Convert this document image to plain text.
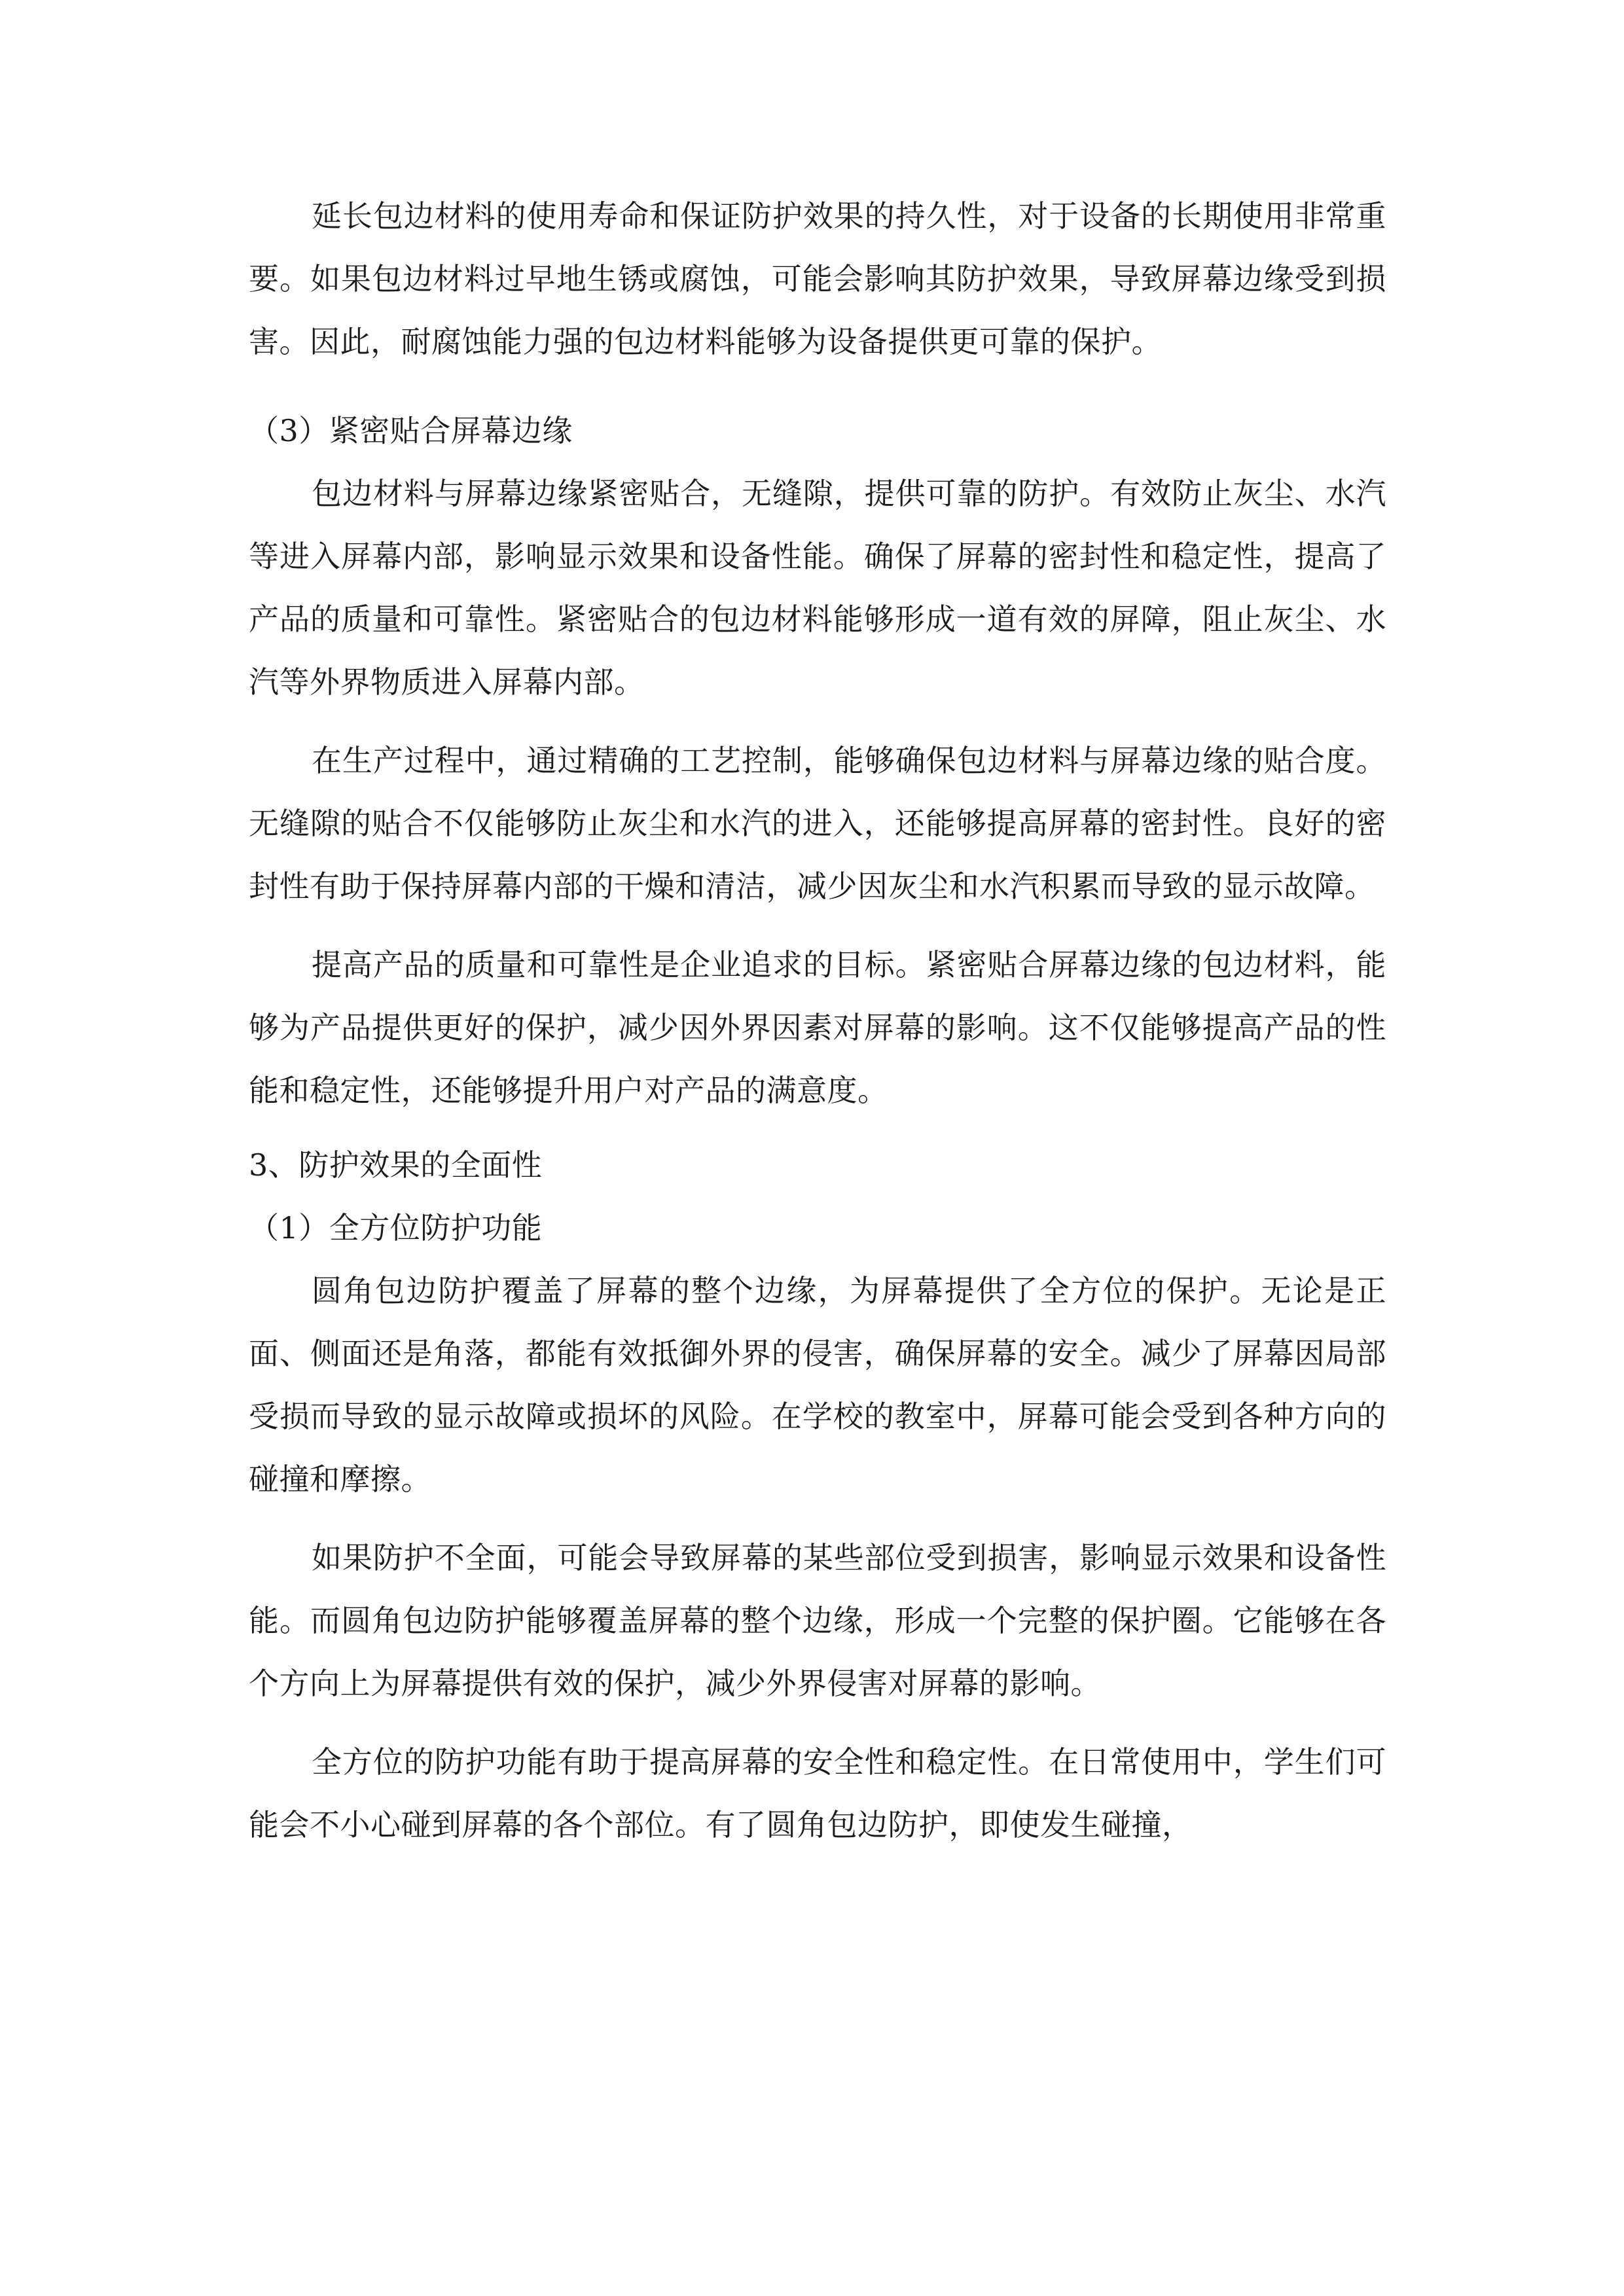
延长包边材料的使用寿命和保证防护效果的持久性，对于设备的长期使用非常重要。如果包边材料过早地生锈或腐蚀，可能会影响其防护效果，导致屏幕边缘受到损害。因此，耐腐蚀能力强的包边材料能够为设备提供更可靠的保护。

（3）紧密贴合屏幕边缘

包边材料与屏幕边缘紧密贴合，无缝隙，提供可靠的防护。有效防止灰尘、水汽等进入屏幕内部，影响显示效果和设备性能。确保了屏幕的密封性和稳定性，提高了产品的质量和可靠性。紧密贴合的包边材料能够形成一道有效的屏障，阻止灰尘、水汽等外界物质进入屏幕内部。

在生产过程中，通过精确的工艺控制，能够确保包边材料与屏幕边缘的贴合度。无缝隙的贴合不仅能够防止灰尘和水汽的进入，还能够提高屏幕的密封性。良好的密封性有助于保持屏幕内部的干燥和清洁，减少因灰尘和水汽积累而导致的显示故障。

提高产品的质量和可靠性是企业追求的目标。紧密贴合屏幕边缘的包边材料，能够为产品提供更好的保护，减少因外界因素对屏幕的影响。这不仅能够提高产品的性能和稳定性，还能够提升用户对产品的满意度。

3、防护效果的全面性

（1）全方位防护功能

圆角包边防护覆盖了屏幕的整个边缘，为屏幕提供了全方位的保护。无论是正面、侧面还是角落，都能有效抵御外界的侵害，确保屏幕的安全。减少了屏幕因局部受损而导致的显示故障或损坏的风险。在学校的教室中，屏幕可能会受到各种方向的碰撞和摩擦。

如果防护不全面，可能会导致屏幕的某些部位受到损害，影响显示效果和设备性能。而圆角包边防护能够覆盖屏幕的整个边缘，形成一个完整的保护圈。它能够在各个方向上为屏幕提供有效的保护，减少外界侵害对屏幕的影响。

全方位的防护功能有助于提高屏幕的安全性和稳定性。在日常使用中，学生们可能会不小心碰到屏幕的各个部位。有了圆角包边防护，即使发生碰撞，
